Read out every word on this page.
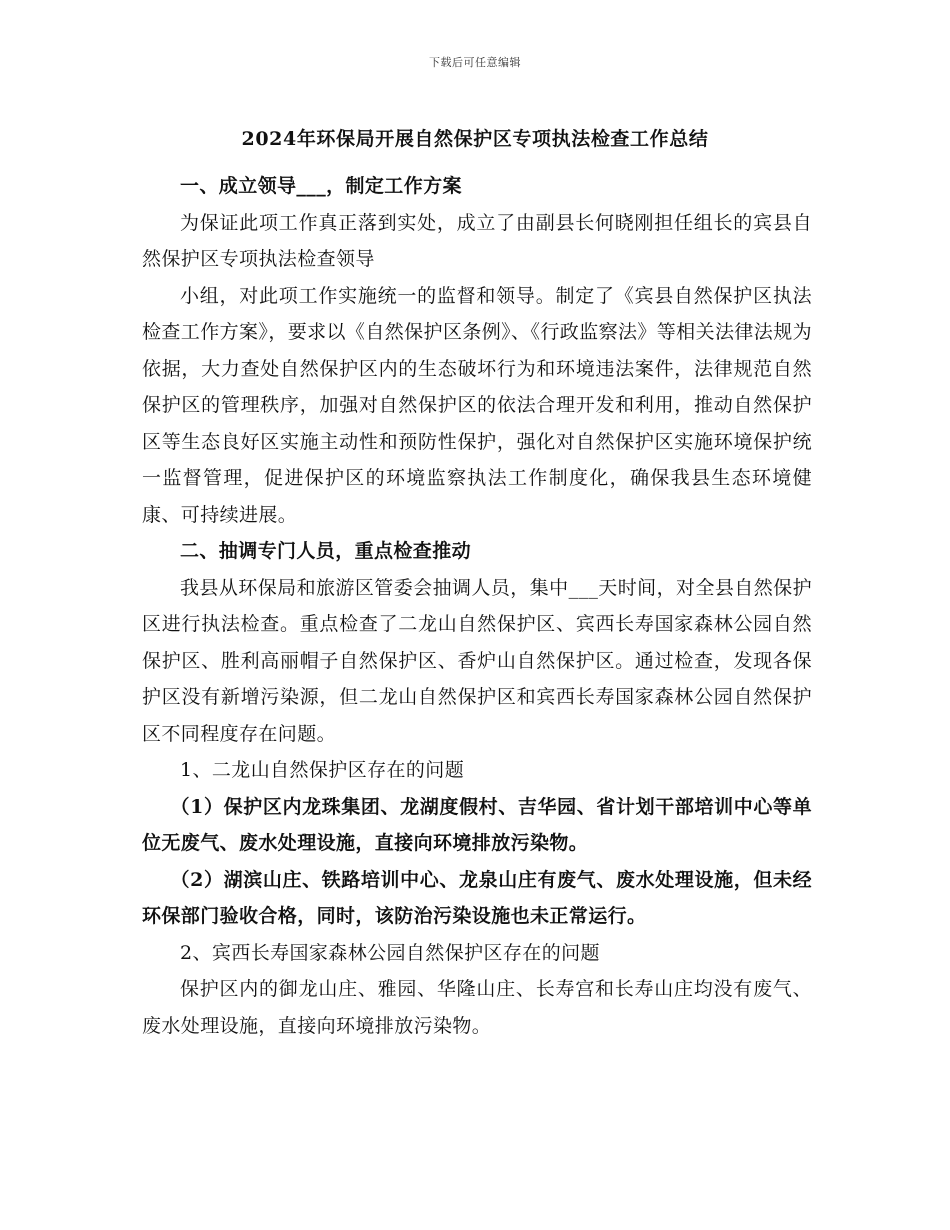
下载后可任意编辑
2024年环保局开展自然保护区专项执法检查工作总结

一、成立领导___，制定工作方案

为保证此项工作真正落到实处，成立了由副县长何晓刚担任组长的宾县自然保护区专项执法检查领导

小组，对此项工作实施统一的监督和领导。制定了《宾县自然保护区执法检查工作方案》，要求以《自然保护区条例》、《行政监察法》等相关法律法规为依据，大力查处自然保护区内的生态破坏行为和环境违法案件，法律规范自然保护区的管理秩序，加强对自然保护区的依法合理开发和利用，推动自然保护区等生态良好区实施主动性和预防性保护，强化对自然保护区实施环境保护统一监督管理，促进保护区的环境监察执法工作制度化，确保我县生态环境健康、可持续进展。

二、抽调专门人员，重点检查推动

我县从环保局和旅游区管委会抽调人员，集中___天时间，对全县自然保护区进行执法检查。重点检查了二龙山自然保护区、宾西长寿国家森林公园自然保护区、胜利高丽帽子自然保护区、香炉山自然保护区。通过检查，发现各保护区没有新增污染源，但二龙山自然保护区和宾西长寿国家森林公园自然保护区不同程度存在问题。

1、二龙山自然保护区存在的问题

（1）保护区内龙珠集团、龙湖度假村、吉华园、省计划干部培训中心等单位无废气、废水处理设施，直接向环境排放污染物。

（2）湖滨山庄、铁路培训中心、龙泉山庄有废气、废水处理设施，但未经环保部门验收合格，同时，该防治污染设施也未正常运行。

2、宾西长寿国家森林公园自然保护区存在的问题

保护区内的御龙山庄、雅园、华隆山庄、长寿宫和长寿山庄均没有废气、废水处理设施，直接向环境排放污染物。
